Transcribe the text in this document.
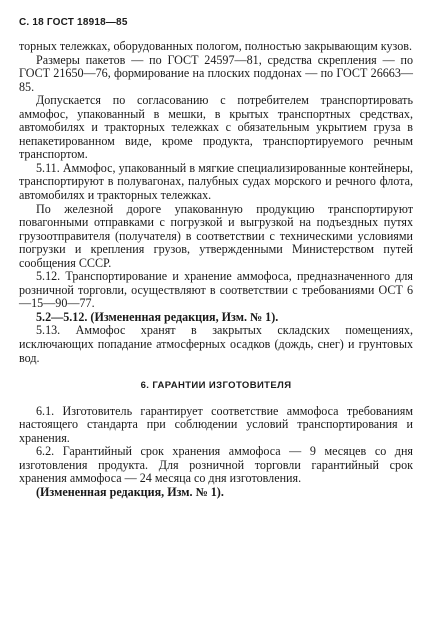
С. 18 ГОСТ 18918—85

торных тележках, оборудованных пологом, полностью закрывающим кузов.

Размеры пакетов — по ГОСТ 24597—81, средства скрепления — по ГОСТ 21650—76, формирование на плоских поддонах — по ГОСТ 26663—85.

Допускается по согласованию с потребителем транспортировать аммофос, упакованный в мешки, в крытых транспортных средствах, автомобилях и тракторных тележках с обязательным укрытием груза в непакетированном виде, кроме продукта, транспортируемого речным транспортом.

5.11. Аммофос, упакованный в мягкие специализированные контейнеры, транспортируют в полувагонах, палубных судах морского и речного флота, автомобилях и тракторных тележках.

По железной дороге упакованную продукцию транспортируют повагонными отправками с погрузкой и выгрузкой на подъездных путях грузоотправителя (получателя) в соответствии с техническими условиями погрузки и крепления грузов, утвержденными Министерством путей сообщения СССР.

5.12. Транспортирование и хранение аммофоса, предназначенного для розничной торговли, осуществляют в соответствии с требованиями ОСТ 6—15—90—77.

5.2—5.12. (Измененная редакция, Изм. № 1).

5.13. Аммофос хранят в закрытых складских помещениях, исключающих попадание атмосферных осадков (дождь, снег) и грунтовых вод.

6. ГАРАНТИИ ИЗГОТОВИТЕЛЯ

6.1. Изготовитель гарантирует соответствие аммофоса требованиям настоящего стандарта при соблюдении условий транспортирования и хранения.

6.2. Гарантийный срок хранения аммофоса — 9 месяцев со дня изготовления продукта. Для розничной торговли гарантийный срок хранения аммофоса — 24 месяца со дня изготовления.

(Измененная редакция, Изм. № 1).
